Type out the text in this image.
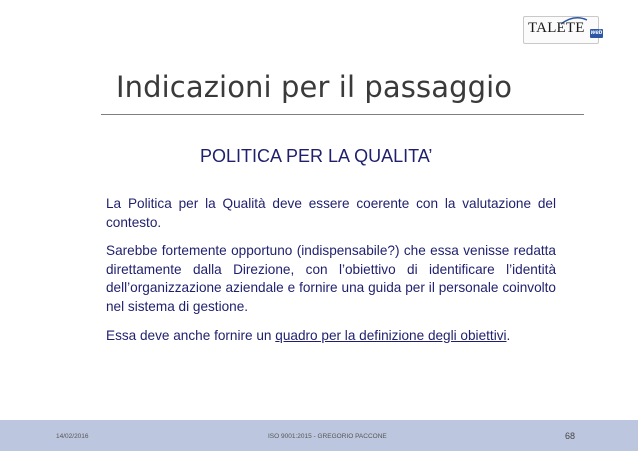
TALETE web
Indicazioni per il passaggio
POLITICA PER LA QUALITA’

La Politica per la Qualità deve essere coerente con la valutazione del contesto.

Sarebbe fortemente opportuno (indispensabile?) che essa venisse redatta direttamente dalla Direzione, con l’obiettivo di identificare l’identità dell’organizzazione aziendale e fornire una guida per il personale coinvolto nel sistema di gestione.

Essa deve anche fornire un quadro per la definizione degli obiettivi.

14/02/2016	ISO 9001:2015 - GREGORIO PACCONE	68
